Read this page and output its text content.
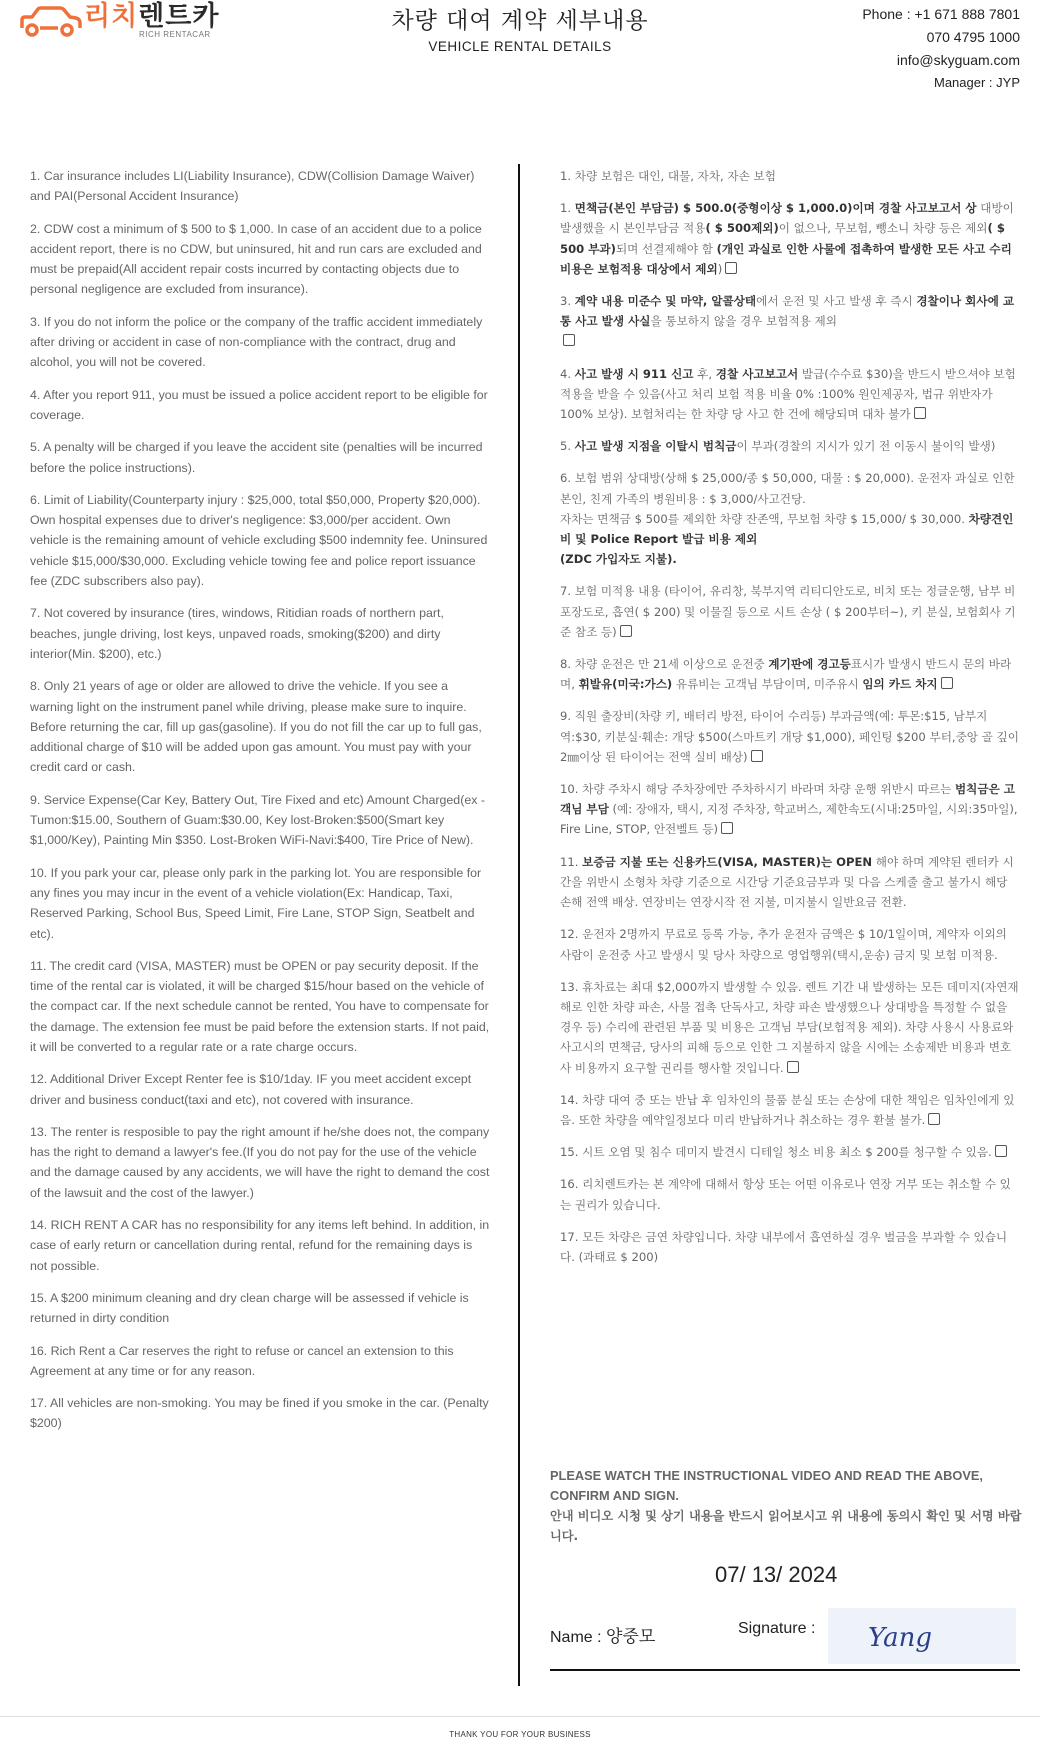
리치렌트카
RICH RENTACAR
차량 대여 계약 세부내용
VEHICLE RENTAL DETAILS
Phone : +1 671 888 7801
070 4795 1000
info@skyguam.com
Manager : JYP

1. Car insurance includes LI(Liability Insurance), CDW(Collision Damage Waiver) and PAI(Personal Accident Insurance)

2. CDW cost a minimum of $ 500 to $ 1,000. In case of an accident due to a police accident report, there is no CDW, but uninsured, hit and run cars are excluded and must be prepaid(All accident repair costs incurred by contacting objects due to personal negligence are excluded from insurance).

3. If you do not inform the police or the company of the traffic accident immediately after driving or accident in case of non-compliance with the contract, drug and alcohol, you will not be covered.

4. After you report 911, you must be issued a police accident report to be eligible for coverage.

5. A penalty will be charged if you leave the accident site (penalties will be incurred before the police instructions).

6. Limit of Liability(Counterparty injury : $25,000, total $50,000, Property $20,000). Own hospital expenses due to driver's negligence: $3,000/per accident. Own vehicle is the remaining amount of vehicle excluding $500 indemnity fee. Uninsured vehicle $15,000/$30,000. Excluding vehicle towing fee and police report issuance fee (ZDC subscribers also pay).

7. Not covered by insurance (tires, windows, Ritidian roads of northern part, beaches, jungle driving, lost keys, unpaved roads, smoking($200) and dirty interior(Min. $200), etc.)

8. Only 21 years of age or older are allowed to drive the vehicle. If you see a warning light on the instrument panel while driving, please make sure to inquire. Before returning the car, fill up gas(gasoline). If you do not fill the car up to full gas, additional charge of $10 will be added upon gas amount. You must pay with your credit card or cash.

9. Service Expense(Car Key, Battery Out, Tire Fixed and etc) Amount Charged(ex - Tumon:$15.00, Southern of Guam:$30.00, Key lost-Broken:$500(Smart key $1,000/Key), Painting Min $350. Lost-Broken WiFi-Navi:$400, Tire Price of New).

10. If you park your car, please only park in the parking lot. You are responsible for any fines you may incur in the event of a vehicle violation(Ex: Handicap, Taxi, Reserved Parking, School Bus, Speed Limit, Fire Lane, STOP Sign, Seatbelt and etc).

11. The credit card (VISA, MASTER) must be OPEN or pay security deposit. If the time of the rental car is violated, it will be charged $15/hour based on the vehicle of the compact car. If the next schedule cannot be rented, You have to compensate for the damage. The extension fee must be paid before the extension starts. If not paid, it will be converted to a regular rate or a rate charge occurs.

12. Additional Driver Except Renter fee is $10/1day. IF you meet accident except driver and business conduct(taxi and etc), not covered with insurance.

13. The renter is resposible to pay the right amount if he/she does not, the company has the right to demand a lawyer's fee.(If you do not pay for the use of the vehicle and the damage caused by any accidents, we will have the right to demand the cost of the lawsuit and the cost of the lawyer.)

14. RICH RENT A CAR has no responsibility for any items left behind. In addition, in case of early return or cancellation during rental, refund for the remaining days is not possible.

15. A $200 minimum cleaning and dry clean charge will be assessed if vehicle is returned in dirty condition

16. Rich Rent a Car reserves the right to refuse or cancel an extension to this Agreement at any time or for any reason.

17. All vehicles are non-smoking. You may be fined if you smoke in the car. (Penalty $200)

1. 차량 보험은 대인, 대물, 자차, 자손 보험

1. 면책금(본인 부담금) $ 500.0(중형이상 $ 1,000.0)이며 경찰 사고보고서 상 대방이 발생했을 시 본인부담금 적용( $ 500제외)이 없으나, 무보험, 뺑소니 차량 등은 제외( $ 500 부과)되며 선결제해야 함 (개인 과실로 인한 사물에 접촉하여 발생한 모든 사고 수리비용은 보험적용 대상에서 제외)

3. 계약 내용 미준수 및 마약, 알콜상태에서 운전 및 사고 발생 후 즉시 경찰이나 회사에 교통 사고 발생 사실을 통보하지 않을 경우 보험적용 제외

4. 사고 발생 시 911 신고 후, 경찰 사고보고서 발급(수수료 $30)을 반드시 받으셔야 보험 적용을 받을 수 있음(사고 처리 보험 적용 비율 0% :100% 원인제공자, 법규 위반자가 100% 보상). 보험처리는 한 차량 당 사고 한 건에 해당되며 대차 불가

5. 사고 발생 지점을 이탈시 범칙금이 부과(경찰의 지시가 있기 전 이동시 불이익 발생)

6. 보험 범위 상대방(상해 $ 25,000/종 $ 50,000, 대물 : $ 20,000). 운전자 과실로 인한 본인, 친계 가족의 병원비용 : $ 3,000/사고건당.
자차는 면책금 $ 500를 제외한 차량 잔존액, 무보험 차량 $ 15,000/ $ 30,000. 차량견인비 및 Police Report 발급 비용 제외
(ZDC 가입자도 지불).

7. 보험 미적용 내용 (타이어, 유리창, 북부지역 리티디안도로, 비치 또는 정글운행, 남부 비포장도로, 흡연( $ 200) 및 이물질 등으로 시트 손상 ( $ 200부터~), 키 분실, 보험회사 기준 참조 등)

8. 차량 운전은 만 21세 이상으로 운전중 계기판에 경고등표시가 발생시 반드시 문의 바라며, 휘발유(미국:가스) 유류비는 고객님 부담이며, 미주유시 임의 카드 차지

9. 직원 출장비(차량 키, 배터리 방전, 타이어 수리등) 부과금액(예: 투몬:$15, 남부지역:$30, 키분실·훼손: 개당 $500(스마트키 개당 $1,000), 페인팅 $200 부터,중앙 골 깊이 2㎜이상 된 타이어는 전액 실비 배상)

10. 차량 주차시 해당 주차장에만 주차하시기 바라며 차량 운행 위반시 따르는 범칙금은 고객님 부담 (예: 장애자, 택시, 지정 주차장, 학교버스, 제한속도(시내:25마일, 시외:35마일), Fire Line, STOP, 안전벨트 등)

11. 보증금 지불 또는 신용카드(VISA, MASTER)는 OPEN 해야 하며 계약된 렌터카 시간을 위반시 소형차 차량 기준으로 시간당 기준요금부과 및 다음 스케줄 출고 불가시 해당 손해 전액 배상. 연장비는 연장시작 전 지불, 미지불시 일반요금 전환.

12. 운전자 2명까지 무료로 등록 가능, 추가 운전자 금액은 $ 10/1일이며, 계약자 이외의 사람이 운전중 사고 발생시 및 당사 차량으로 영업행위(택시,운송) 금지 및 보험 미적용.

13. 휴차료는 최대 $2,000까지 발생할 수 있음. 렌트 기간 내 발생하는 모든 데미지(자연재해로 인한 차량 파손, 사물 접촉 단독사고, 차량 파손 발생했으나 상대방을 특정할 수 없을 경우 등) 수리에 관련된 부품 및 비용은 고객님 부담(보험적용 제외). 차량 사용시 사용료와 사고시의 면책금, 당사의 피해 등으로 인한 그 지불하지 않을 시에는 소송제반 비용과 변호사 비용까지 요구할 권리를 행사할 것입니다.

14. 차량 대여 중 또는 반납 후 임차인의 물품 분실 또는 손상에 대한 책임은 임차인에게 있음. 또한 차량을 예약일정보다 미리 반납하거나 취소하는 경우 환불 불가.

15. 시트 오염 및 침수 데미지 발견시 디테일 청소 비용 최소 $ 200를 청구할 수 있음.

16. 리치렌트카는 본 계약에 대해서 항상 또는 어떤 이유로나 연장 거부 또는 취소할 수 있는 권리가 있습니다.

17. 모든 차량은 금연 차량입니다. 차량 내부에서 흡연하실 경우 벌금을 부과할 수 있습니다. (과태료 $ 200)

PLEASE WATCH THE INSTRUCTIONAL VIDEO AND READ THE ABOVE, CONFIRM AND SIGN.
안내 비디오 시청 및 상기 내용을 반드시 읽어보시고 위 내용에 동의시 확인 및 서명 바랍니다.
07/ 13/ 2024
Name : 양중모	Signature : Yang
THANK YOU FOR YOUR BUSINESS
